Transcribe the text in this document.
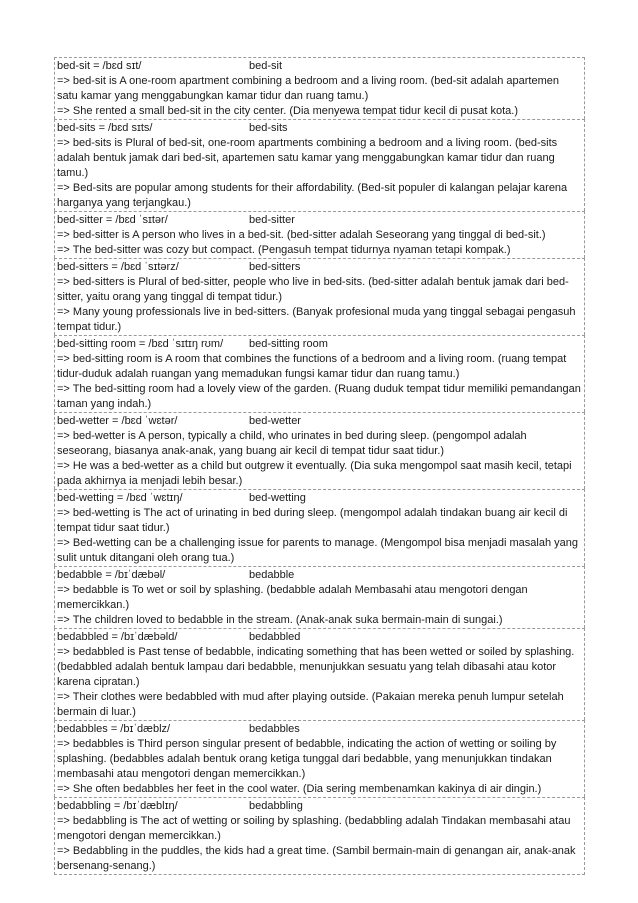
bed-sit = /bɛd sɪt/	bed-sit

=> bed-sit is A one-room apartment combining a bedroom and a living room. (bed-sit adalah apartemen satu kamar yang menggabungkan kamar tidur dan ruang tamu.)

=> She rented a small bed-sit in the city center. (Dia menyewa tempat tidur kecil di pusat kota.)

bed-sits = /bɛd sɪts/	bed-sits

=> bed-sits is Plural of bed-sit, one-room apartments combining a bedroom and a living room. (bed-sits adalah bentuk jamak dari bed-sit, apartemen satu kamar yang menggabungkan kamar tidur dan ruang tamu.)

=> Bed-sits are popular among students for their affordability. (Bed-sit populer di kalangan pelajar karena harganya yang terjangkau.)

bed-sitter = /bɛd ˈsɪtər/	bed-sitter

=> bed-sitter is A person who lives in a bed-sit. (bed-sitter adalah Seseorang yang tinggal di bed-sit.)

=> The bed-sitter was cozy but compact. (Pengasuh tempat tidurnya nyaman tetapi kompak.)

bed-sitters = /bɛd ˈsɪtərz/	bed-sitters

=> bed-sitters is Plural of bed-sitter, people who live in bed-sits. (bed-sitter adalah bentuk jamak dari bed-sitter, yaitu orang yang tinggal di tempat tidur.)

=> Many young professionals live in bed-sitters. (Banyak profesional muda yang tinggal sebagai pengasuh tempat tidur.)

bed-sitting room = /bɛd ˈsɪtɪŋ rʊm/	bed-sitting room

=> bed-sitting room is A room that combines the functions of a bedroom and a living room. (ruang tempat tidur-duduk adalah ruangan yang memadukan fungsi kamar tidur dan ruang tamu.)

=> The bed-sitting room had a lovely view of the garden. (Ruang duduk tempat tidur memiliki pemandangan taman yang indah.)

bed-wetter = /bɛd ˈwɛtər/	bed-wetter

=> bed-wetter is A person, typically a child, who urinates in bed during sleep. (pengompol adalah seseorang, biasanya anak-anak, yang buang air kecil di tempat tidur saat tidur.)

=> He was a bed-wetter as a child but outgrew it eventually. (Dia suka mengompol saat masih kecil, tetapi pada akhirnya ia menjadi lebih besar.)

bed-wetting = /bɛd ˈwɛtɪŋ/	bed-wetting

=> bed-wetting is The act of urinating in bed during sleep. (mengompol adalah tindakan buang air kecil di tempat tidur saat tidur.)

=> Bed-wetting can be a challenging issue for parents to manage. (Mengompol bisa menjadi masalah yang sulit untuk ditangani oleh orang tua.)

bedabble = /bɪˈdæbəl/	bedabble

=> bedabble is To wet or soil by splashing. (bedabble adalah Membasahi atau mengotori dengan memercikkan.)

=> The children loved to bedabble in the stream. (Anak-anak suka bermain-main di sungai.)

bedabbled = /bɪˈdæbəld/	bedabbled

=> bedabbled is Past tense of bedabble, indicating something that has been wetted or soiled by splashing. (bedabbled adalah bentuk lampau dari bedabble, menunjukkan sesuatu yang telah dibasahi atau kotor karena cipratan.)

=> Their clothes were bedabbled with mud after playing outside. (Pakaian mereka penuh lumpur setelah bermain di luar.)

bedabbles = /bɪˈdæblz/	bedabbles

=> bedabbles is Third person singular present of bedabble, indicating the action of wetting or soiling by splashing. (bedabbles adalah bentuk orang ketiga tunggal dari bedabble, yang menunjukkan tindakan membasahi atau mengotori dengan memercikkan.)

=> She often bedabbles her feet in the cool water. (Dia sering membenamkan kakinya di air dingin.)

bedabbling = /bɪˈdæblɪŋ/	bedabbling

=> bedabbling is The act of wetting or soiling by splashing. (bedabbling adalah Tindakan membasahi atau mengotori dengan memercikkan.)

=> Bedabbling in the puddles, the kids had a great time. (Sambil bermain-main di genangan air, anak-anak bersenang-senang.)
